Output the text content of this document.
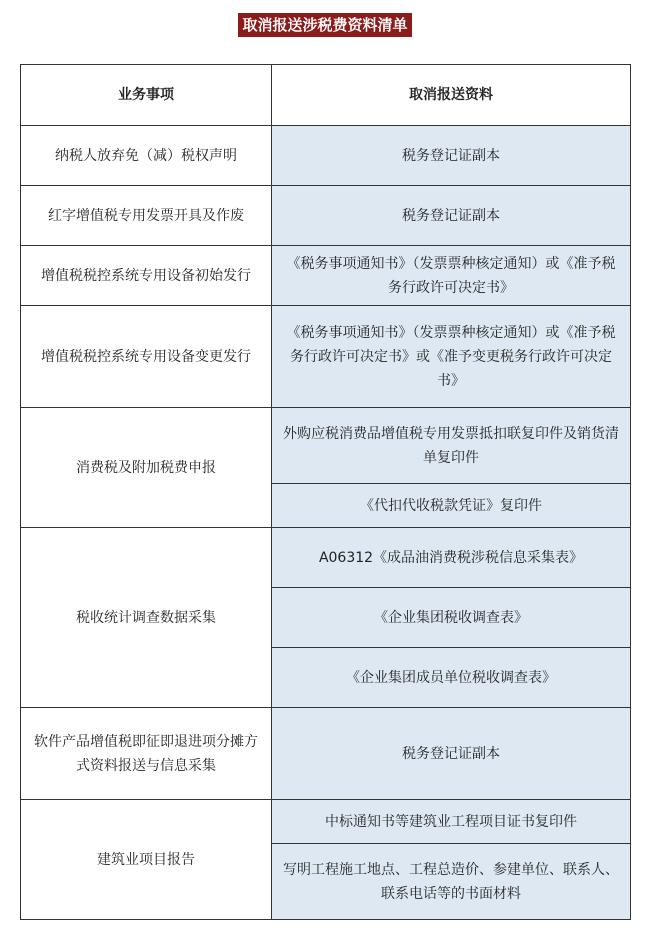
取消报送涉税费资料清单
业务事项	取消报送资料
纳税人放弃免（减）税权声明	税务登记证副本
红字增值税专用发票开具及作废	税务登记证副本
增值税税控系统专用设备初始发行	《税务事项通知书》（发票票种核定通知）或《准予税务行政许可决定书》
增值税税控系统专用设备变更发行	《税务事项通知书》（发票票种核定通知）或《准予税务行政许可决定书》或《准予变更税务行政许可决定书》
消费税及附加税费申报	外购应税消费品增值税专用发票抵扣联复印件及销货清单复印件
	《代扣代收税款凭证》复印件
税收统计调查数据采集	A06312《成品油消费税涉税信息采集表》
	《企业集团税收调查表》
	《企业集团成员单位税收调查表》
软件产品增值税即征即退进项分摊方式资料报送与信息采集	税务登记证副本
建筑业项目报告	中标通知书等建筑业工程项目证书复印件
	写明工程施工地点、工程总造价、参建单位、联系人、联系电话等的书面材料
